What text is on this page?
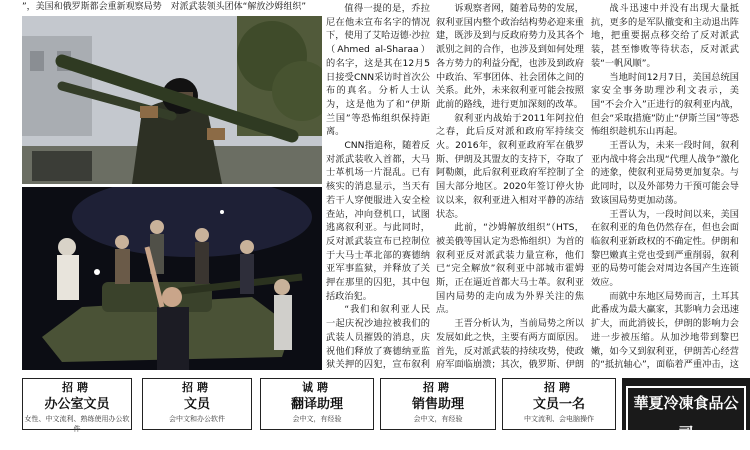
”，美国和俄罗斯都会重新观察局势　对派武装领头团体“解放沙姆组织”	值得一提的是，乔拉尼在他未宣布名字的情况下，使用了艾哈迈德·沙拉（Ahmed al-Sharaa）的名字，这是其在12月5日接受CNN采访时首次公布的真名。分析人士认为，这是他为了和“伊斯兰国”等恐怖组织保持距离。

CNN指追称，随着反对派武装收入首都，大马士革机场一片混乱。已有核实的消息显示，当天有若干人穿便服进入安全检查站，冲向登机口，试图逃离叙利亚。与此同时，反对派武装宣布已控制位于大马士革北部的赛德纳亚军事监狱，并释放了关押在那里的囚犯，其中包括政治犯。

“我们和叙利亚人民一起庆祝沙迪拉被我们的武装人员摧毁的消息，庆祝他们释放了赛德纳亚监狱关押的囚犯，宣布叙利

诉观察者网，随着局势的发展，叙利亚国内整个政治结构势必迎来重建，既涉及到与反政府势力及其各个派别之间的合作，也涉及到如何处理各方势力的利益分配，也涉及到政府中政治、军事团体、社会团体之间的关系。此外，未来叙利亚可能会按照此前的路线，进行更加深刻的改革。

叙利亚内战始于2011年阿拉伯之春，此后反对派和政府军持续交火。2016年，叙利亚政府军在俄罗斯、伊朗及其盟友的支持下，夺取了阿勒颇，此后叙利亚政府军控制了全国大部分地区。2020年签订停火协议以来，叙利亚进入相对平静的冻结状态。

此前，“沙姆解放组织”（HTS，被美俄等国认定为恐怖组织）为首的叙利亚反对派武装力量宣称，他们已“完全解放”叙利亚中部城市霍姆斯，正在逼近首都大马士革。叙利亚国内局势的走向成为外界关注的焦点。

王晋分析认为，当前局势之所以发展如此之快，主要有两方面原因。首先，反对派武装的持续攻势，使政府军面临崩溃；其次，俄罗斯、伊朗

战斗迅速中并没有出现大量抵抗，更多的是军队撤变和主动退出阵地，把重要据点移交给了反对派武装，甚至惨败等待状态，反对派武装“一帆风顺”。

当地时间12月7日，美国总统国家安全事务助理沙利文表示，美国“不会介入”正进行的叙利亚内战，但会“采取措施”防止“伊斯兰国”等恐怖组织趁机东山再起。

王晋认为，未来一段时间，叙利亚内战中将会出现“代理人战争”激化的迹象，使叙利亚局势更加复杂。与此同时，以及外部势力干预可能会导致该国局势更加动荡。

王晋认为，一段时间以来，美国在叙利亚的角色仍然存在，但也会面临叙利亚新政权的不确定性。伊朗和黎巴嫩真主党也受到严重削弱，叙利亚的局势可能会对周边各国产生连锁效应。

而就中东地区局势而言，土耳其此番成为最大赢家，其影响力会迅速扩大，而此消彼长，伊朗的影响力会进一步被压缩。从加沙地带到黎巴嫩，如今又到叙利亚，伊朗苦心经营的“抵抗轴心”，面临着严重冲击，这

招聘
办公室文员
女性、中文流利、熟练使用办公软件
招聘
文员
会中文和办公软件
诚聘
翻译助理
会中文，有经验
招聘
销售助理
会中文，有经验
招聘
文员一名
中文流利、会电脑操作
華夏冷凍食品公司
